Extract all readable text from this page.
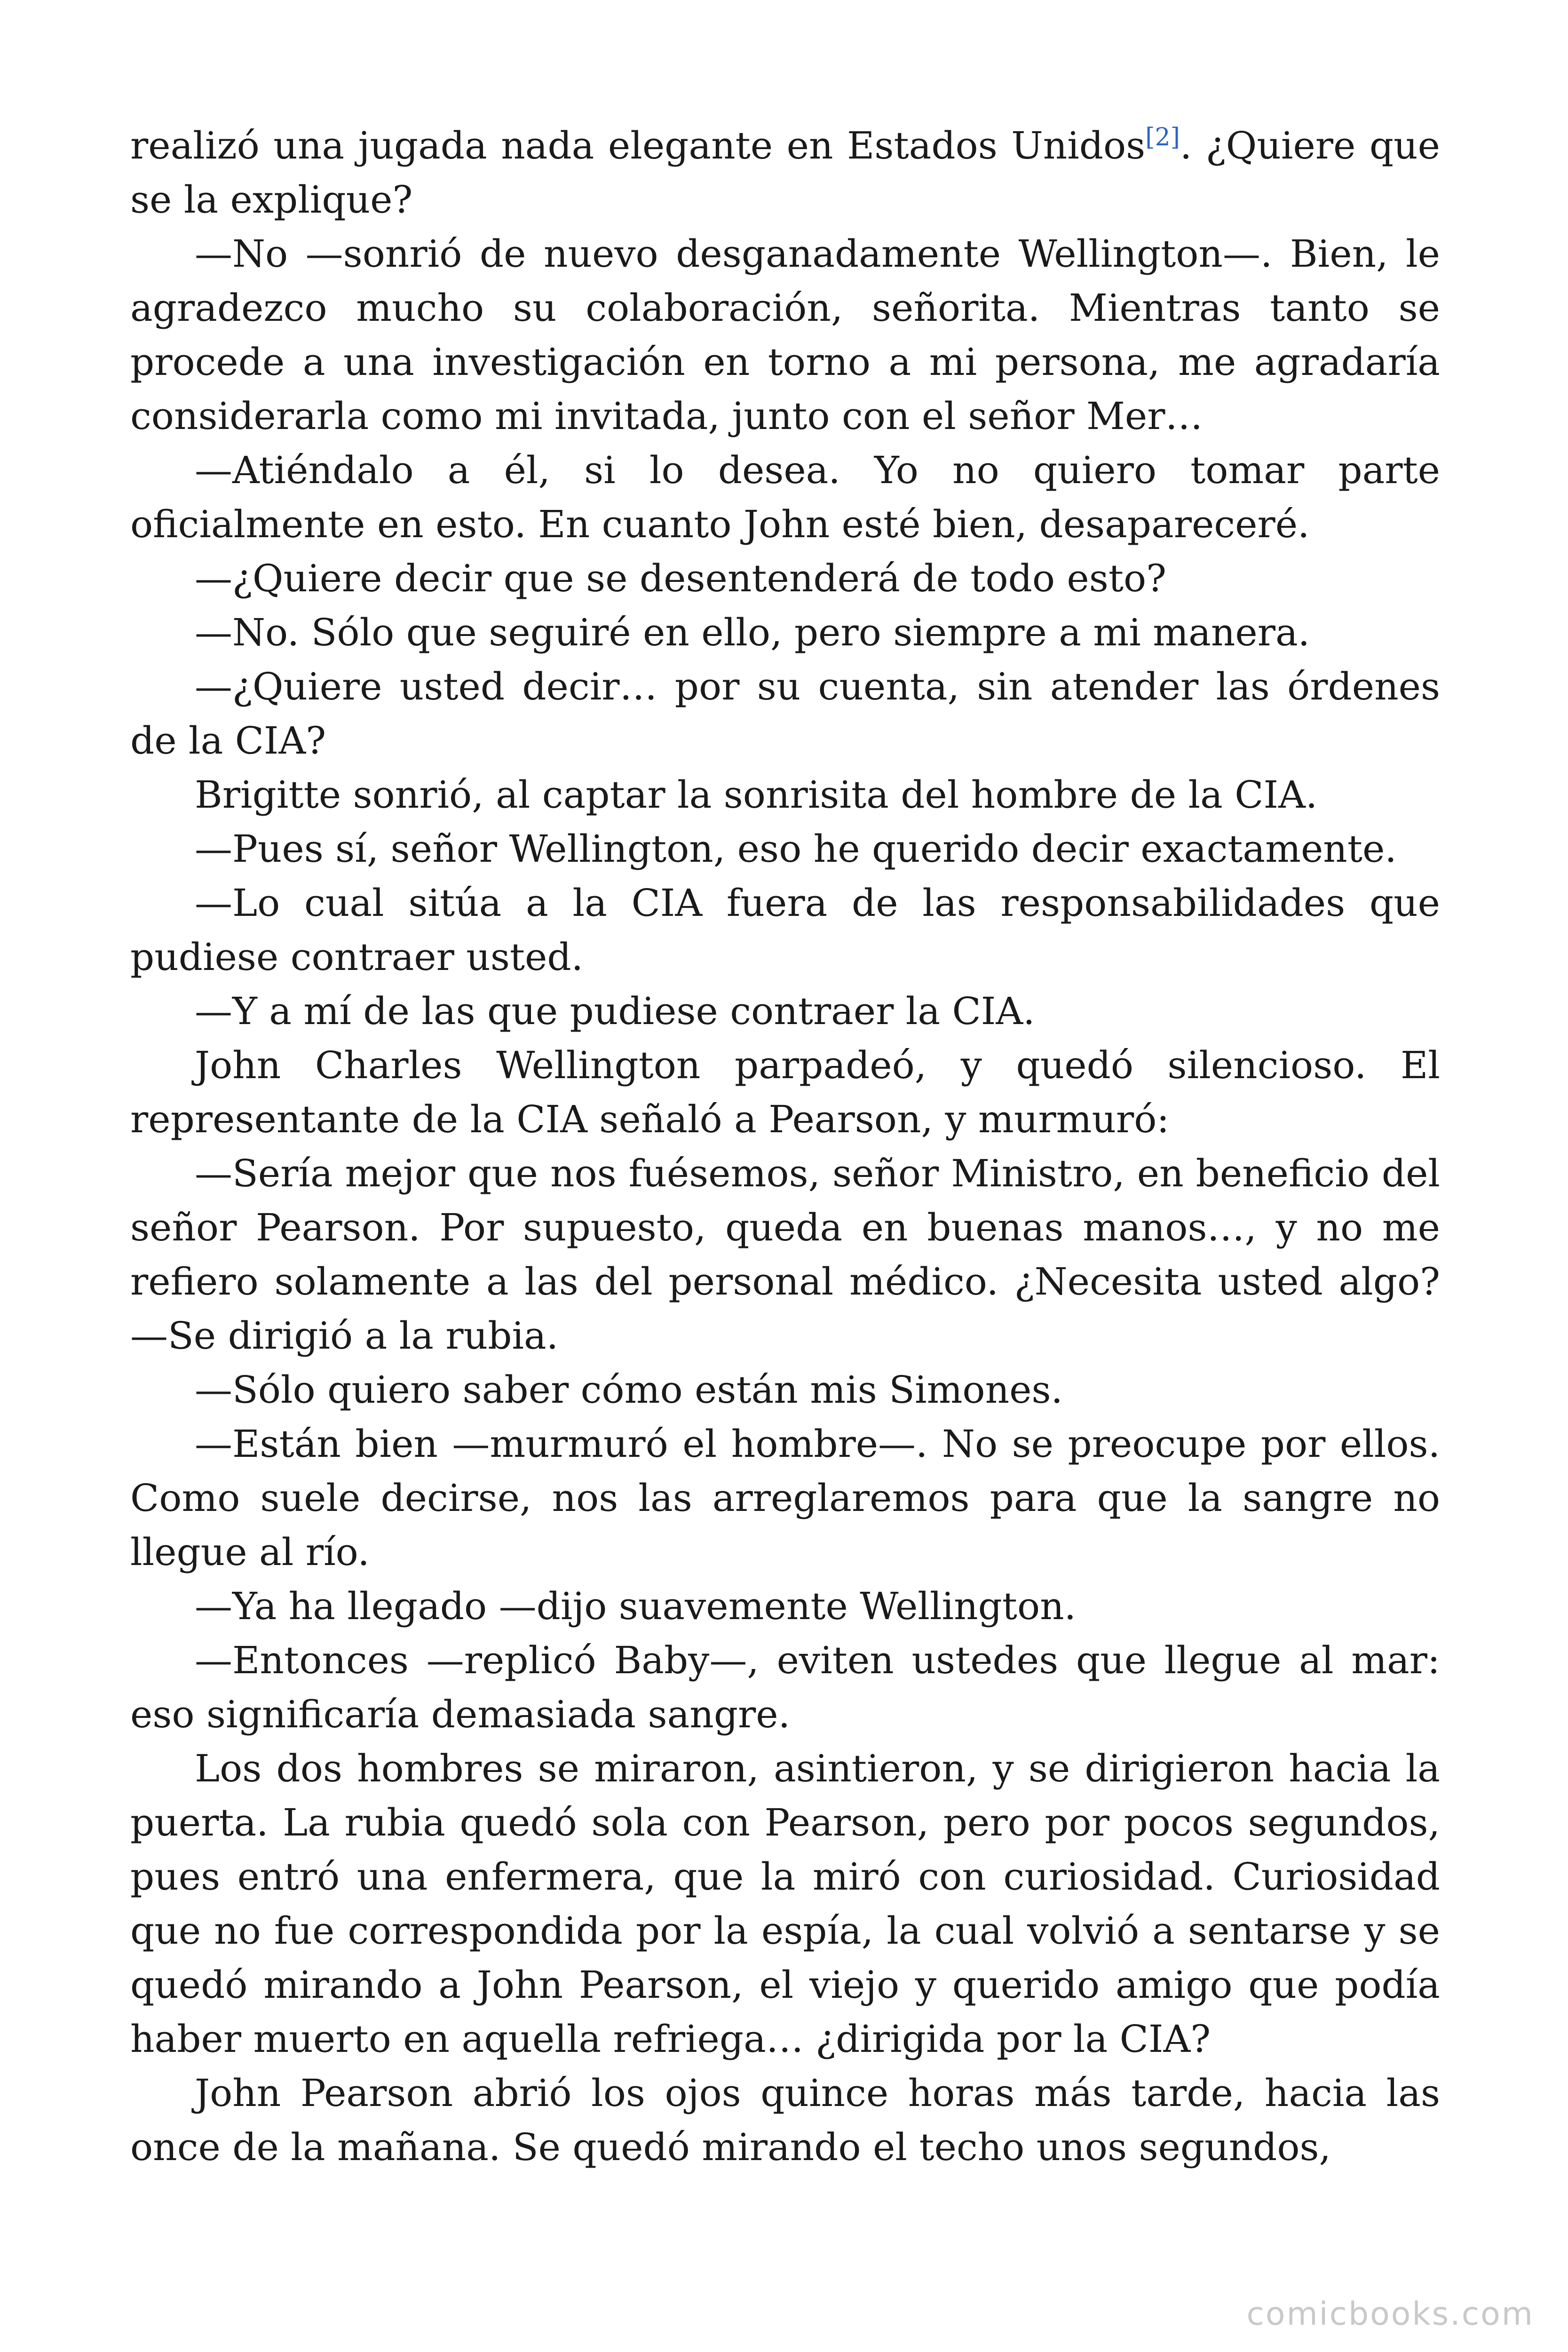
realizó una jugada nada elegante en Estados Unidos[2]. ¿Quiere que se la explique?

—No —sonrió de nuevo desganadamente Wellington—. Bien, le agradezco mucho su colaboración, señorita. Mientras tanto se procede a una investigación en torno a mi persona, me agradaría considerarla como mi invitada, junto con el señor Mer…

—Atiéndalo a él, si lo desea. Yo no quiero tomar parte oficialmente en esto. En cuanto John esté bien, desapareceré.

—¿Quiere decir que se desentenderá de todo esto?

—No. Sólo que seguiré en ello, pero siempre a mi manera.

—¿Quiere usted decir… por su cuenta, sin atender las órdenes de la CIA?

Brigitte sonrió, al captar la sonrisita del hombre de la CIA.

—Pues sí, señor Wellington, eso he querido decir exactamente.

—Lo cual sitúa a la CIA fuera de las responsabilidades que pudiese contraer usted.

—Y a mí de las que pudiese contraer la CIA.

John Charles Wellington parpadeó, y quedó silencioso. El representante de la CIA señaló a Pearson, y murmuró:

—Sería mejor que nos fuésemos, señor Ministro, en beneficio del señor Pearson. Por supuesto, queda en buenas manos…, y no me refiero solamente a las del personal médico. ¿Necesita usted algo? —Se dirigió a la rubia.

—Sólo quiero saber cómo están mis Simones.

—Están bien —murmuró el hombre—. No se preocupe por ellos. Como suele decirse, nos las arreglaremos para que la sangre no llegue al río.

—Ya ha llegado —dijo suavemente Wellington.

—Entonces —replicó Baby—, eviten ustedes que llegue al mar: eso significaría demasiada sangre.

Los dos hombres se miraron, asintieron, y se dirigieron hacia la puerta. La rubia quedó sola con Pearson, pero por pocos segundos, pues entró una enfermera, que la miró con curiosidad. Curiosidad que no fue correspondida por la espía, la cual volvió a sentarse y se quedó mirando a John Pearson, el viejo y querido amigo que podía haber muerto en aquella refriega… ¿dirigida por la CIA?

John Pearson abrió los ojos quince horas más tarde, hacia las once de la mañana. Se quedó mirando el techo unos segundos,

comicbooks.com
